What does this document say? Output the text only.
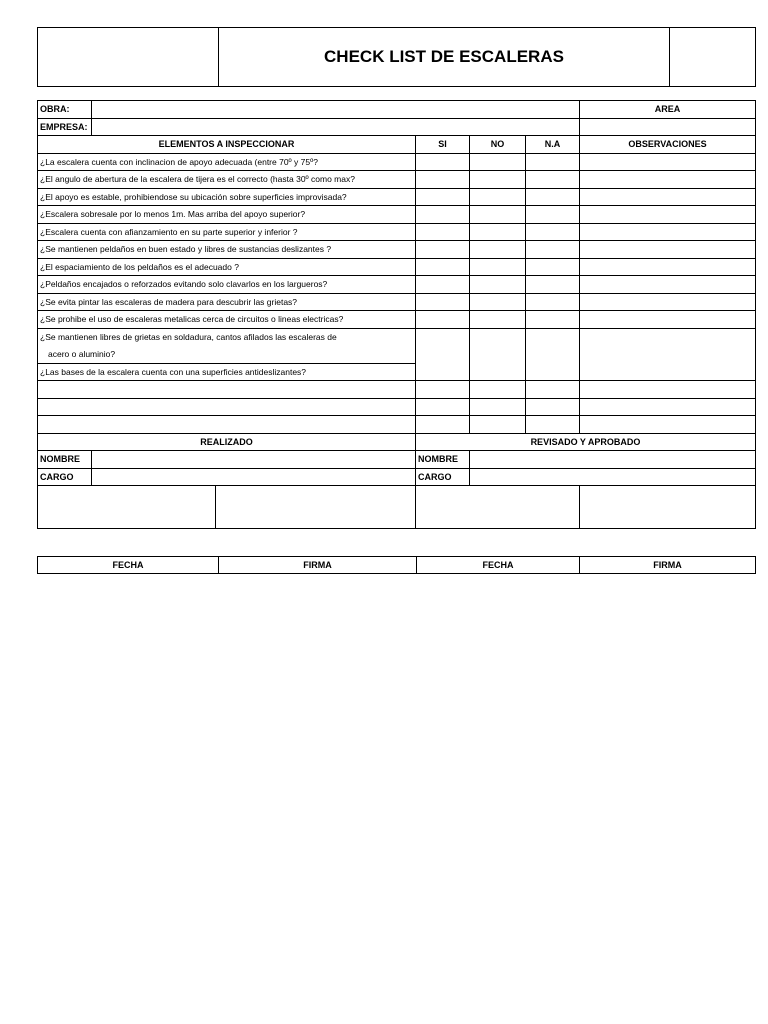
	CHECK LIST DE ESCALERAS	
OBRA:						AREA
EMPRESA:						
ELEMENTOS A INSPECCIONAR			SI	NO	N.A	OBSERVACIONES
¿La escalera cuenta con inclinacion de apoyo adecuada (entre 70º y 75º?						
¿El angulo de abertura de la escalera de tijera es el correcto (hasta 30º como max?						
¿El apoyo es estable, prohibiendose su ubicación sobre superficies improvisada?						
¿Escalera sobresale por lo menos 1m. Mas arriba del apoyo superior?						
¿Escalera cuenta con afianzamiento en su parte superior y inferior ?						
¿Se mantienen peldaños en buen estado y libres de sustancias deslizantes ?						
¿El espaciamiento de los peldaños es el adecuado ?						
¿Peldaños encajados o reforzados evitando solo clavarlos en los largueros?						
¿Se evita pintar las escaleras de madera para descubrir las grietas?						
¿Se prohibe el uso de escaleras metalicas cerca de circuitos o lineas electricas?						

¿Se mantienen libres de grietas en soldadura, cantos afilados las escaleras de
acero o aluminio?						

¿Las bases de la escalera cuenta con una superficies antideslizantes?						

REALIZADO			REVISADO Y APROBADO			
NOMBRE			NOMBRE			
CARGO			CARGO			

FECHA	FIRMA	FECHA	FIRMA
